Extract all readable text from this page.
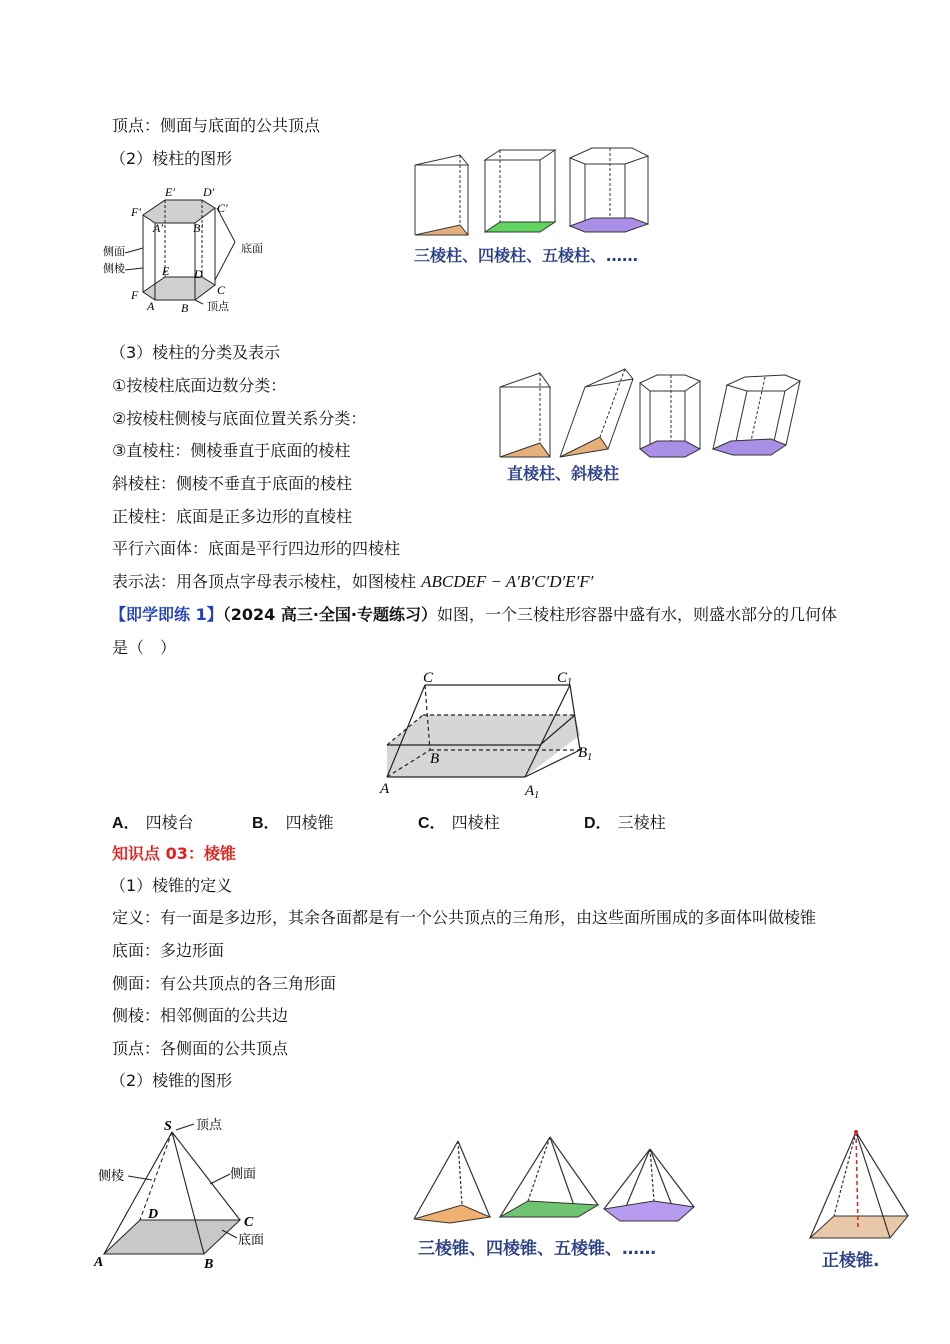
顶点：侧面与底面的公共顶点
（2）棱柱的图形
E′ D′
F′	C′
A′	B′
E D
F	C
A B
侧面
侧棱
底面
顶点
三棱柱、四棱柱、五棱柱、……
（3）棱柱的分类及表示
①按棱柱底面边数分类：
②按棱柱侧棱与底面位置关系分类：
③直棱柱：侧棱垂直于底面的棱柱
斜棱柱：侧棱不垂直于底面的棱柱
正棱柱：底面是正多边形的直棱柱
平行六面体：底面是平行四边形的四棱柱
表示法：用各顶点字母表示棱柱，如图棱柱 ABCDEF − A′B′C′D′E′F′
直棱柱、斜棱柱
【即学即练 1】（2024 高三·全国·专题练习）如图，一个三棱柱形容器中盛有水，则盛水部分的几何体
是（　）
C	$C_1$
B	$B_1$
A	$A_1$
A． 四棱台	B． 四棱锥	C． 四棱柱	D． 三棱柱
知识点 03：棱锥
（1）棱锥的定义
定义：有一面是多边形，其余各面都是有一个公共顶点的三角形，由这些面所围成的多面体叫做棱锥
底面：多边形面
侧面：有公共顶点的各三角形面
侧棱：相邻侧面的公共边
顶点：各侧面的公共顶点
（2）棱锥的图形
S 顶点
侧棱	侧面
D
C
A	B
底面	三棱锥、四棱锥、五棱锥、……
正棱锥.
